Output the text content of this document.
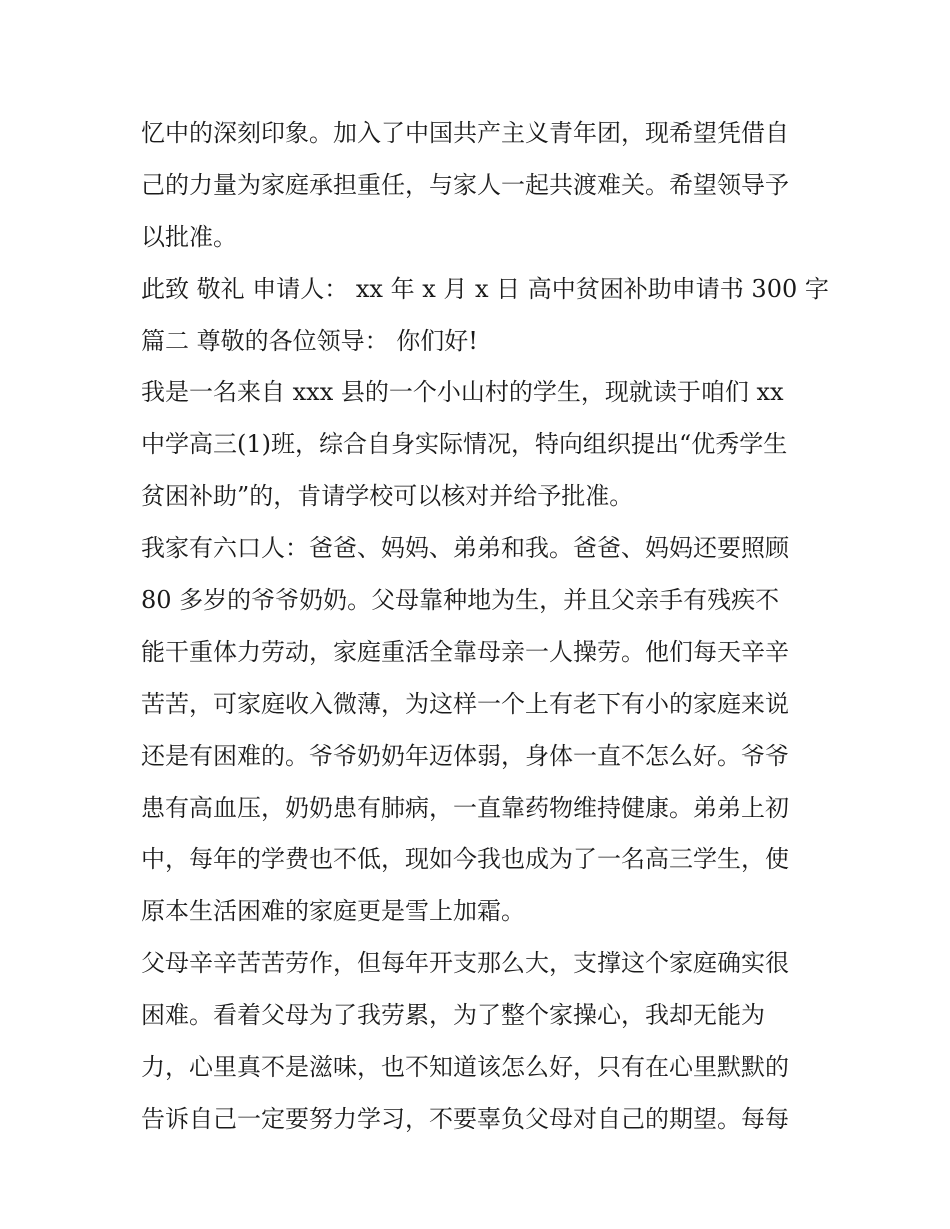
忆中的深刻印象。加入了中国共产主义青年团，现希望凭借自
己的力量为家庭承担重任，与家人一起共渡难关。希望领导予
以批准。
此致 敬礼 申请人： xx 年 x 月 x 日 高中贫困补助申请书 300 字
篇二 尊敬的各位领导： 你们好!
我是一名来自 xxx 县的一个小山村的学生，现就读于咱们 xx
中学高三(1)班，综合自身实际情况，特向组织提出“优秀学生
贫困补助”的，肯请学校可以核对并给予批准。
我家有六口人：爸爸、妈妈、弟弟和我。爸爸、妈妈还要照顾
80 多岁的爷爷奶奶。父母靠种地为生，并且父亲手有残疾不
能干重体力劳动，家庭重活全靠母亲一人操劳。他们每天辛辛
苦苦，可家庭收入微薄，为这样一个上有老下有小的家庭来说
还是有困难的。爷爷奶奶年迈体弱，身体一直不怎么好。爷爷
患有高血压，奶奶患有肺病，一直靠药物维持健康。弟弟上初
中，每年的学费也不低，现如今我也成为了一名高三学生，使
原本生活困难的家庭更是雪上加霜。
父母辛辛苦苦劳作，但每年开支那么大，支撑这个家庭确实很
困难。看着父母为了我劳累，为了整个家操心，我却无能为
力，心里真不是滋味，也不知道该怎么好，只有在心里默默的
告诉自己一定要努力学习，不要辜负父母对自己的期望。每每
